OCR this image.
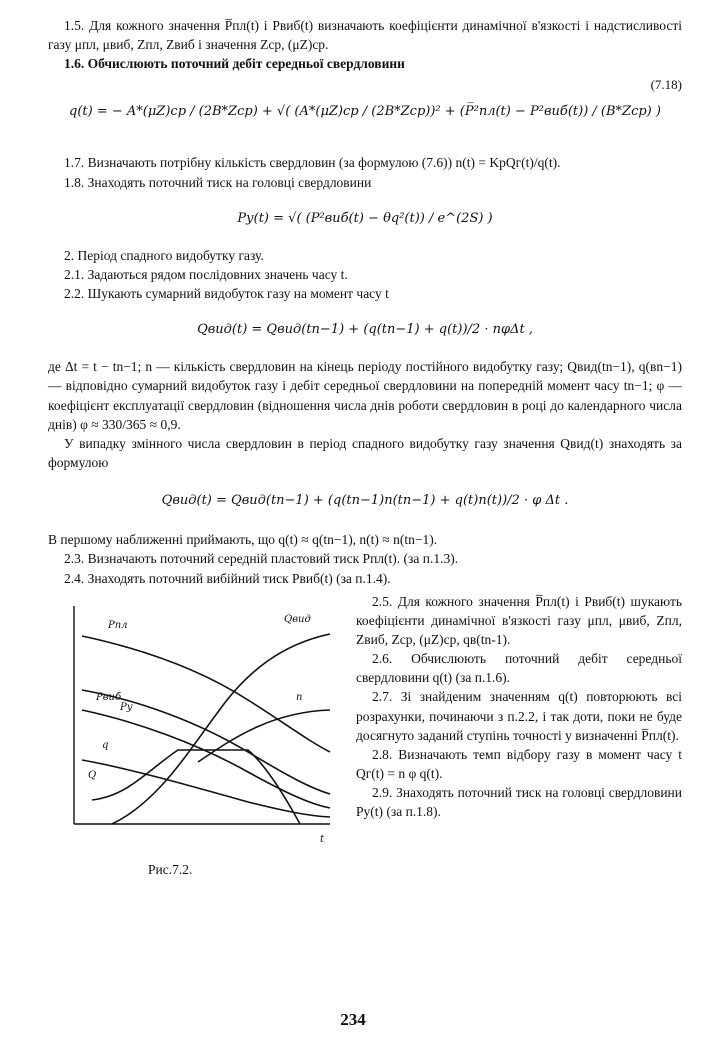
1.5. Для кожного значення P̅пл(t) і Pвиб(t) визначають коефіцієнти динамічної в'язкості і надстисливості газу μпл, μвиб, Zпл, Zвиб і значення Zср, (μZ)ср.

1.6. Обчислюють поточний дебіт середньої свердловини

q(t) = − A*(μZ)ср / (2B*Zср) + √( (A*(μZ)ср / (2B*Zср))² + (P̅²пл(t) − P²виб(t)) / (B*Zср) )
(7.18)

1.7. Визначають потрібну кількість свердловин (за формулою (7.6)) n(t) = KрQг(t)/q(t).

1.8. Знаходять поточний тиск на головці свердловини

Pу(t) = √( (P²виб(t) − θq²(t)) / e^(2S) )

2. Період спадного видобутку газу.

2.1. Задаються рядом послідовних значень часу t.

2.2. Шукають сумарний видобуток газу на момент часу t

Qвид(t) = Qвид(tn−1) + (q(tn−1) + q(t))/2 · nφΔt ,

де Δt = t − tn−1; n — кількість свердловин на кінець періоду постійного видобутку газу; Qвид(tn−1), q(вn−1) — відповідно сумарний видобуток газу і дебіт середньої свердловини на попередній момент часу tn−1; φ — коефіцієнт експлуатації свердловин (відношення числа днів роботи свердловин в році до календарного числа днів) φ ≈ 330/365 ≈ 0,9.

У випадку змінного числа свердловин в період спадного видобутку газу значення Qвид(t) знаходять за формулою

Qвид(t) = Qвид(tn−1) + (q(tn−1)n(tn−1) + q(t)n(t))/2 · φ Δt .

В першому наближенні приймають, що q(t) ≈ q(tn−1), n(t) ≈ n(tn−1).

2.3. Визначають поточний середній пластовий тиск Pпл(t). (за п.1.3).

2.4. Знаходять поточний вибійний тиск Pвиб(t) (за п.1.4).

Pпл
Qвид
Pвиб
Pу
n
q
Q
t
Рис.7.2.

2.5. Для кожного значення P̅пл(t) і Pвиб(t) шукають коефіцієнти динамічної в'язкості газу μпл, μвиб, Zпл, Zвиб, Zср, (μZ)ср, qв(tn-1).

2.6. Обчислюють поточний дебіт середньої свердловини q(t) (за п.1.6).

2.7. Зі знайденим значенням q(t) повторюють всі розрахунки, починаючи з п.2.2, і так доти, поки не буде досягнуто заданий ступінь точності у визначенні P̅пл(t).

2.8. Визначають темп відбору газу в момент часу t Qг(t) = n φ q(t).

2.9. Знаходять поточний тиск на головці свердловини Pу(t) (за п.1.8).

234
